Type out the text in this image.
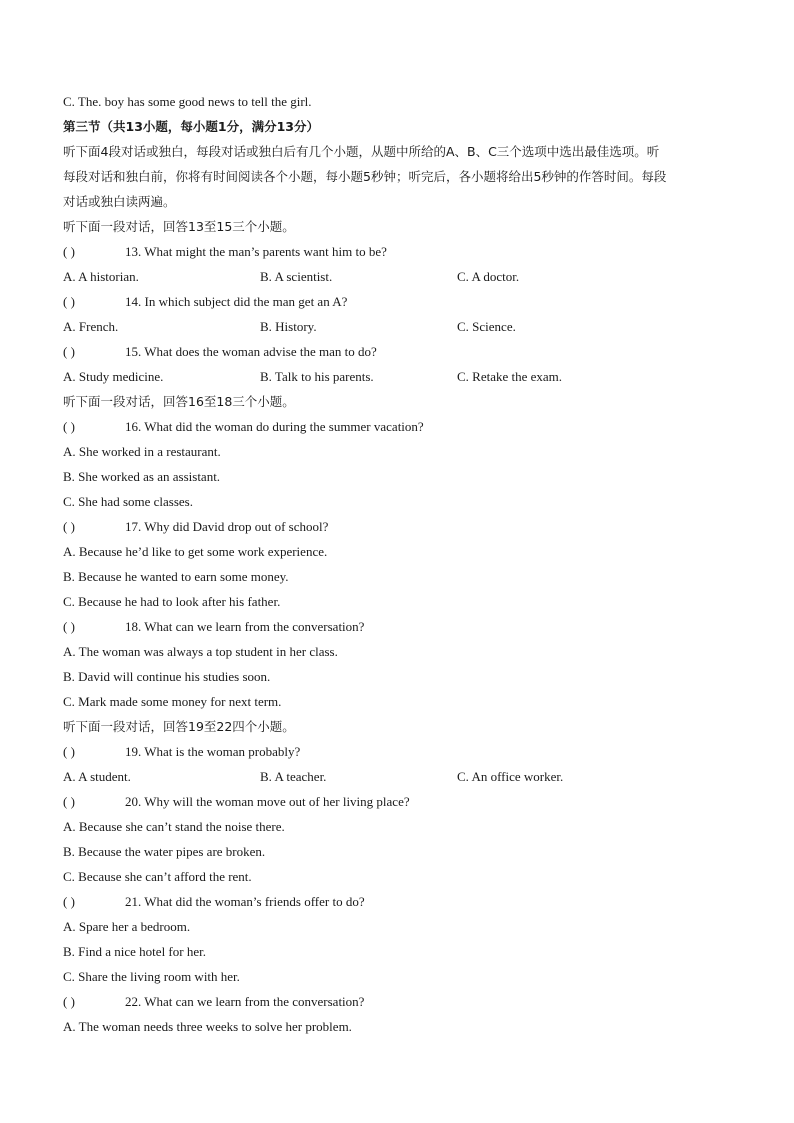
C. The. boy has some good news to tell the girl.
第三节（共13小题，每小题1分，满分13分）
听下面4段对话或独白，每段对话或独白后有几个小题，从题中所给的A、B、C三个选项中选出最佳选项。听
每段对话和独白前，你将有时间阅读各个小题，每小题5秒钟；听完后，各小题将给出5秒钟的作答时间。每段
对话或独白读两遍。
听下面一段对话，回答13至15三个小题。
( )	13. What might the man’s parents want him to be?
A. A historian.	B. A scientist.	C. A doctor.
( )	14. In which subject did the man get an A?
A. French.	B. History.	C. Science.
( )	15. What does the woman advise the man to do?
A. Study medicine.	B. Talk to his parents.	C. Retake the exam.
听下面一段对话，回答16至18三个小题。
( )	16. What did the woman do during the summer vacation?
A. She worked in a restaurant.
B. She worked as an assistant.
C. She had some classes.
( )	17. Why did David drop out of school?
A. Because he’d like to get some work experience.
B. Because he wanted to earn some money.
C. Because he had to look after his father.
( )	18. What can we learn from the conversation?
A. The woman was always a top student in her class.
B. David will continue his studies soon.
C. Mark made some money for next term.
听下面一段对话，回答19至22四个小题。
( )	19. What is the woman probably?
A. A student.	B. A teacher.	C. An office worker.
( )	20. Why will the woman move out of her living place?
A. Because she can’t stand the noise there.
B. Because the water pipes are broken.
C. Because she can’t afford the rent.
( )	21. What did the woman’s friends offer to do?
A. Spare her a bedroom.
B. Find a nice hotel for her.
C. Share the living room with her.
( )	22. What can we learn from the conversation?
A. The woman needs three weeks to solve her problem.
